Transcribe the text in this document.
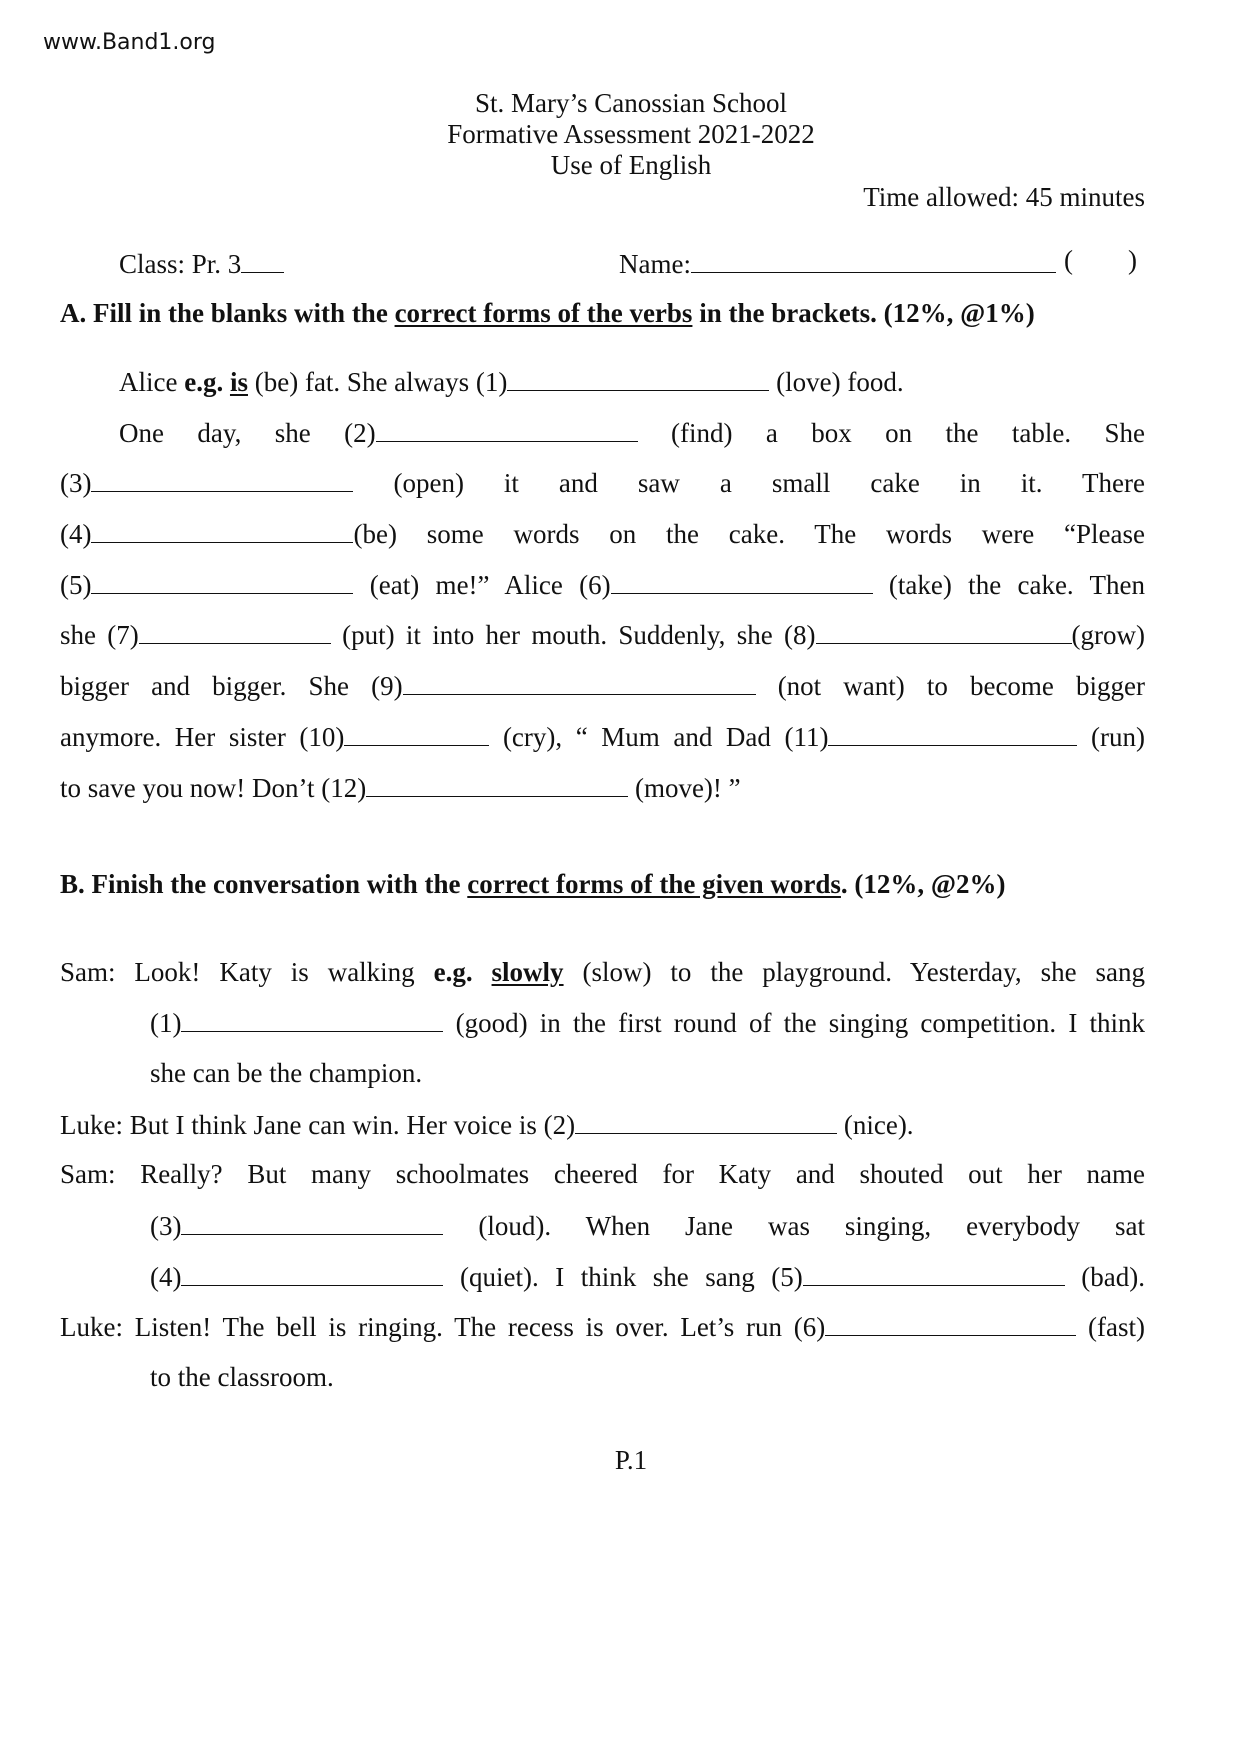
www.Band1.org
St. Mary’s Canossian School
Formative Assessment 2021-2022
Use of English
Time allowed: 45 minutes
Class: Pr. 3	Name:	( )
A. Fill in the blanks with the correct forms of the verbs in the brackets. (12%, @1%)
Alice e.g. is (be) fat. She always (1)	(love) food.
One day, she (2)	(find) a box on the table. She
(3)	(open) it and saw a small cake in it. There
(4)	(be) some words on the cake. The words were “Please
(5)	(eat) me!” Alice (6)	(take) the cake. Then
she (7)	(put) it into her mouth. Suddenly, she (8)	(grow)
bigger and bigger. She (9)	(not want) to become bigger
anymore. Her sister (10)	(cry), “ Mum and Dad (11)	(run)
to save you now! Don’t (12)	(move)! ”
B. Finish the conversation with the correct forms of the given words. (12%, @2%)
Sam: Look! Katy is walking e.g. slowly (slow) to the playground. Yesterday, she sang
(1)	(good) in the first round of the singing competition. I think
she can be the champion.
Luke: But I think Jane can win. Her voice is (2)	(nice).
Sam: Really? But many schoolmates cheered for Katy and shouted out her name
(3)	(loud). When Jane was singing, everybody sat
(4)	(quiet). I think she sang (5)	(bad).
Luke: Listen! The bell is ringing. The recess is over. Let’s run (6)	(fast)
to the classroom.
P.1
